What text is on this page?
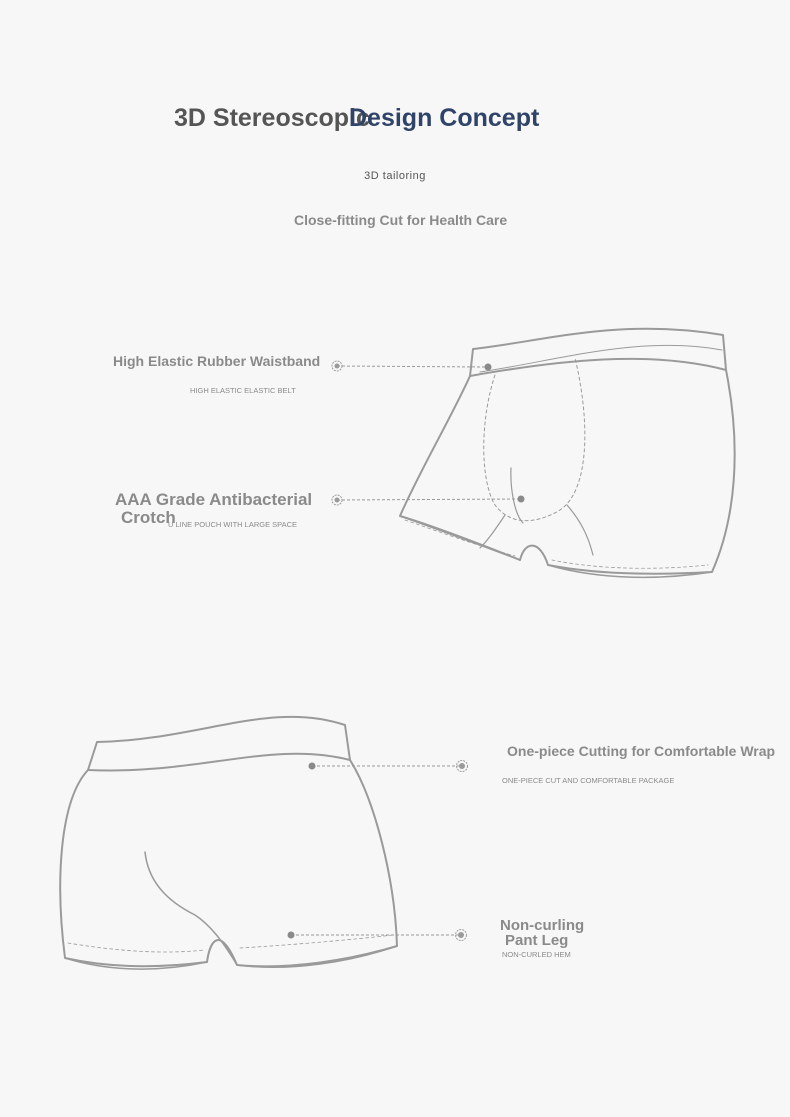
3D Stereoscopic
Design Concept
3D tailoring
Close-fitting Cut for Health Care
High Elastic Rubber Waistband
HIGH ELASTIC ELASTIC BELT
AAA Grade Antibacterial
Crotch
U LINE POUCH WITH LARGE SPACE
One-piece Cutting for Comfortable Wrap
ONE-PIECE CUT AND COMFORTABLE PACKAGE
Non-curling
Pant Leg
NON-CURLED HEM
